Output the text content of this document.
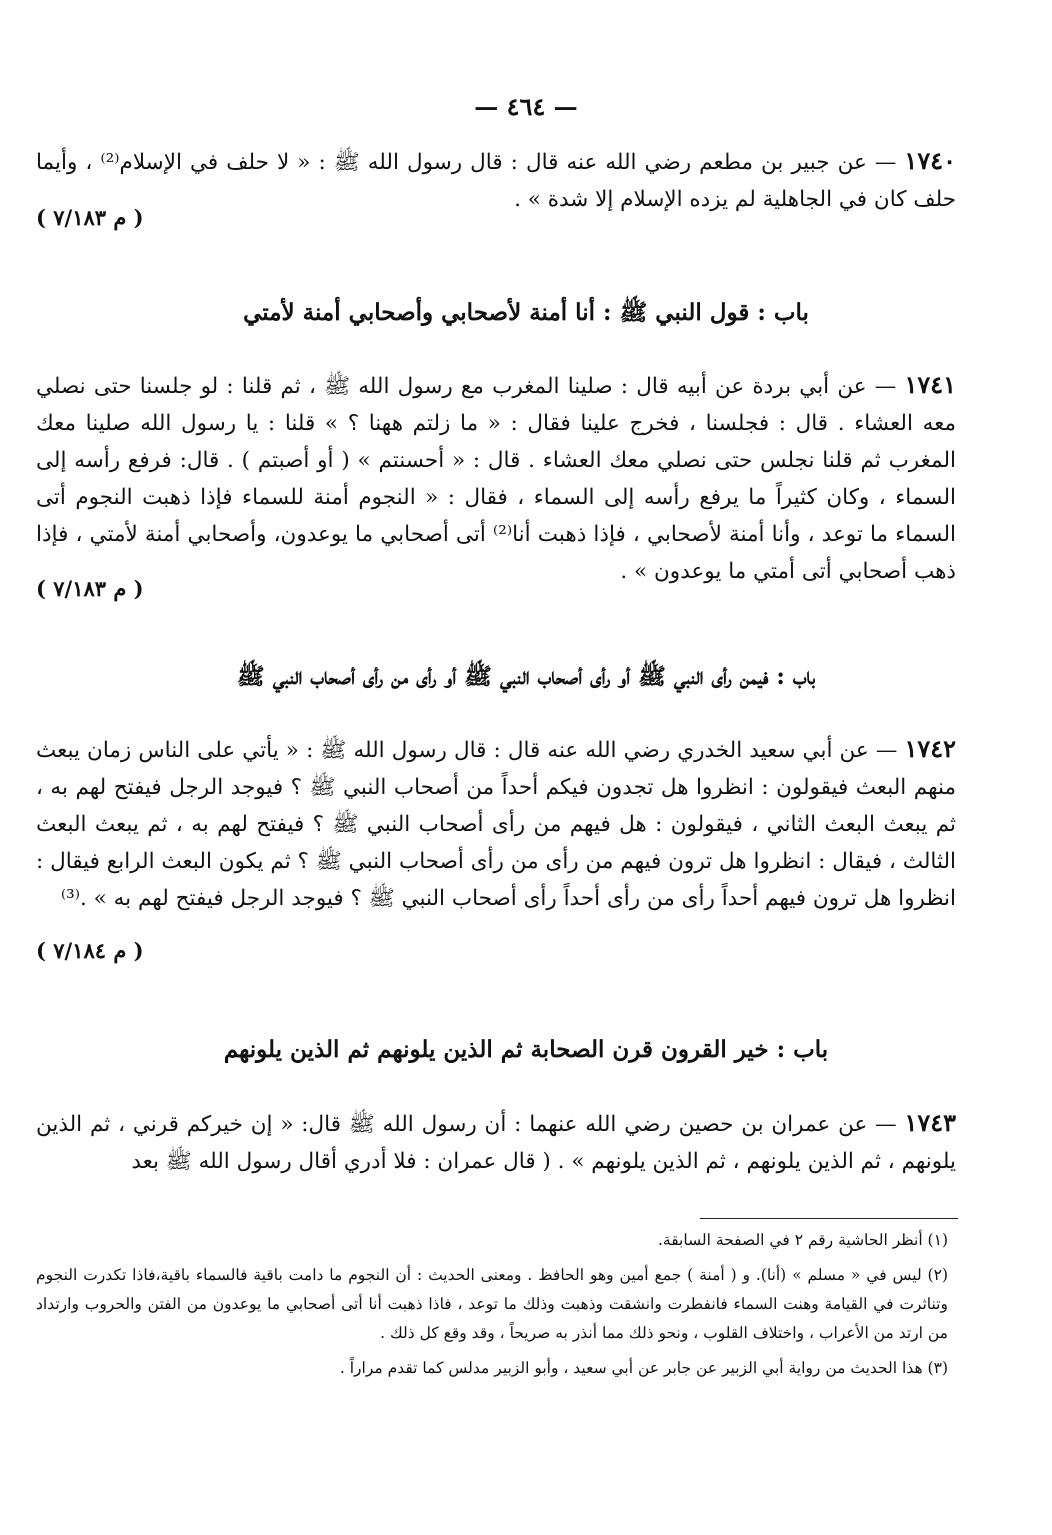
— ٤٦٤ —

١٧٤٠ — عن جبير بن مطعم رضي الله عنه قال : قال رسول الله ﷺ : « لا حلف في الإسلام⁽²⁾ ، وأيما حلف كان في الجاهلية لم يزده الإسلام إلا شدة » .

( م ٧/١٨٣ )
باب : قول النبي ﷺ : أنا أمنة لأصحابي وأصحابي أمنة لأمتي

١٧٤١ — عن أبي بردة عن أبيه قال : صلينا المغرب مع رسول الله ﷺ ، ثم قلنا : لو جلسنا حتى نصلي معه العشاء . قال : فجلسنا ، فخرج علينا فقال : « ما زلتم ههنا ؟ » قلنا : يا رسول الله صلينا معك المغرب ثم قلنا نجلس حتى نصلي معك العشاء . قال : « أحسنتم » ( أو أصبتم ) . قال: فرفع رأسه إلى السماء ، وكان كثيراً ما يرفع رأسه إلى السماء ، فقال : « النجوم أمنة للسماء فإذا ذهبت النجوم أتى السماء ما توعد ، وأنا أمنة لأصحابي ، فإذا ذهبت أنا⁽²⁾ أتى أصحابي ما يوعدون، وأصحابي أمنة لأمتي ، فإذا ذهب أصحابي أتى أمتي ما يوعدون » .

( م ٧/١٨٣ )
باب : فيمن رأى النبي ﷺ أو رأى أصحاب النبي ﷺ أو رأى من رأى أصحاب النبي ﷺ

١٧٤٢ — عن أبي سعيد الخدري رضي الله عنه قال : قال رسول الله ﷺ : « يأتي على الناس زمان يبعث منهم البعث فيقولون : انظروا هل تجدون فيكم أحداً من أصحاب النبي ﷺ ؟ فيوجد الرجل فيفتح لهم به ، ثم يبعث البعث الثاني ، فيقولون : هل فيهم من رأى أصحاب النبي ﷺ ؟ فيفتح لهم به ، ثم يبعث البعث الثالث ، فيقال : انظروا هل ترون فيهم من رأى من رأى أصحاب النبي ﷺ ؟ ثم يكون البعث الرابع فيقال : انظروا هل ترون فيهم أحداً رأى من رأى أحداً رأى أصحاب النبي ﷺ ؟ فيوجد الرجل فيفتح لهم به » .⁽³⁾

( م ٧/١٨٤ )
باب : خير القرون قرن الصحابة ثم الذين يلونهم ثم الذين يلونهم

١٧٤٣ — عن عمران بن حصين رضي الله عنهما : أن رسول الله ﷺ قال: « إن خيركم قرني ، ثم الذين يلونهم ، ثم الذين يلونهم ، ثم الذين يلونهم » . ( قال عمران : فلا أدري أقال رسول الله ﷺ بعد

(١) أنظر الحاشية رقم ٢ في الصفحة السابقة.

(٢) ليس في « مسلم » (أنا). و ( أمنة ) جمع أمين وهو الحافظ . ومعنى الحديث : أن النجوم ما دامت باقية فالسماء باقية،فاذا تكدرت النجوم وتناثرت في القيامة وهنت السماء فانفطرت وانشقت وذهبت وذلك ما توعد ، فاذا ذهبت أنا أتى أصحابي ما يوعدون من الفتن والحروب وارتداد من ارتد من الأعراب ، واختلاف القلوب ، ونحو ذلك مما أنذر به صريحاً ، وقد وقع كل ذلك .

(٣) هذا الحديث من رواية أبي الزبير عن جابر عن أبي سعيد ، وأبو الزبير مدلس كما تقدم مراراً .
